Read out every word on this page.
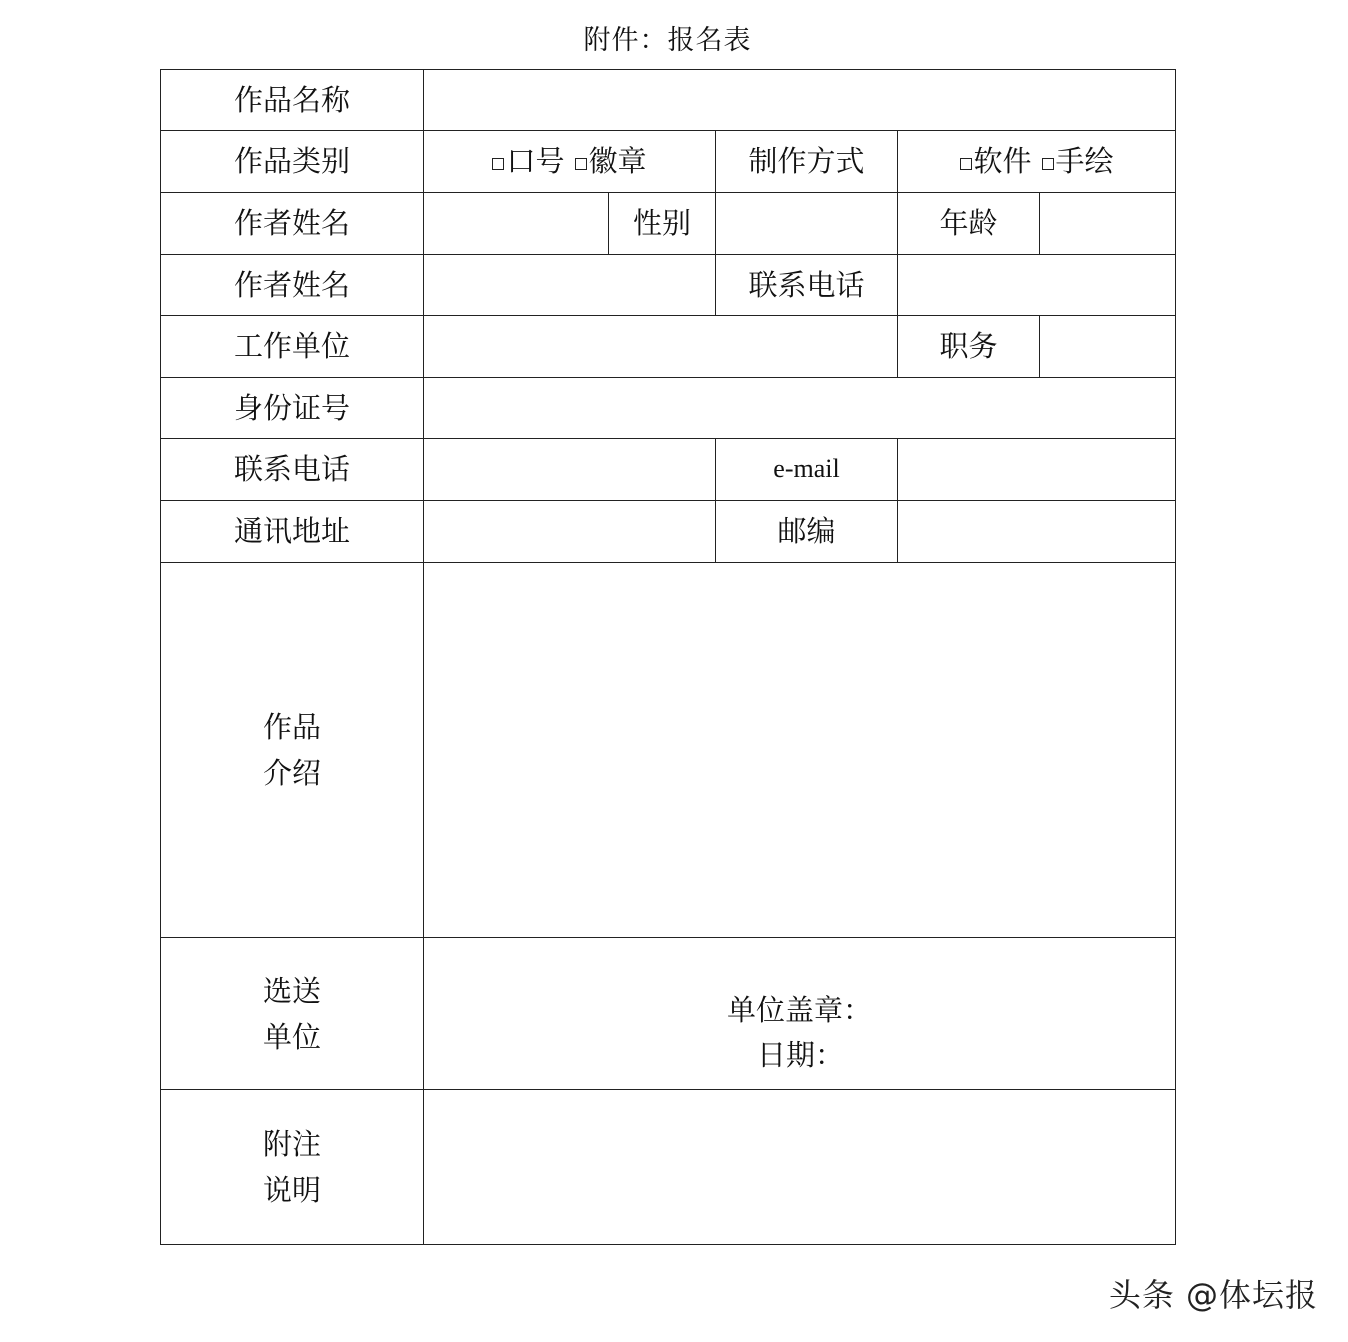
附件：报名表
作品名称					
作品类别	口号 徽章		制作方式	软件 手绘	
作者姓名		性别		年龄	
作者姓名			联系电话		
工作单位				职务	
身份证号					
联系电话			e-mail		
通讯地址			邮编		

作品
介绍					

选送
单位	单位盖章：
日期：				

附注
说明					

头条 @体坛报
